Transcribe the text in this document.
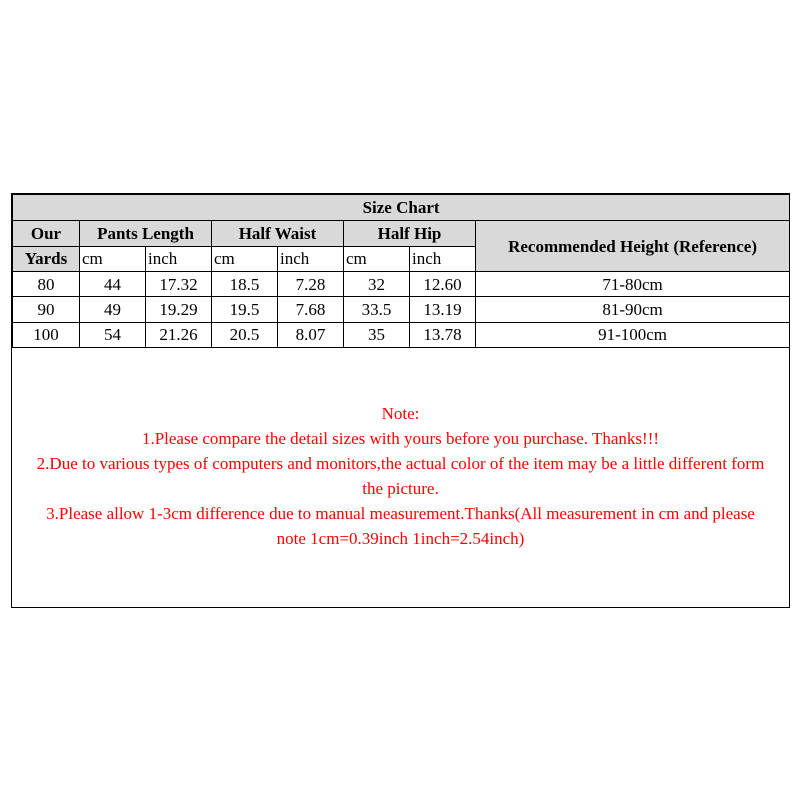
Size Chart							
Our	Pants Length		Half Waist		Half Hip		Recommended Height (Reference)
Yards	cm	inch	cm	inch	cm	inch	
80	44	17.32	18.5	7.28	32	12.60	71-80cm
90	49	19.29	19.5	7.68	33.5	13.19	81-90cm
100	54	21.26	20.5	8.07	35	13.78	91-100cm

Note:

1.Please compare the detail sizes with yours before you purchase. Thanks!!!

2.Due to various types of computers and monitors,the actual color of the item may be a little different form the picture.

3.Please allow 1-3cm difference due to manual measurement.Thanks(All measurement in cm and please note 1cm=0.39inch 1inch=2.54inch)
